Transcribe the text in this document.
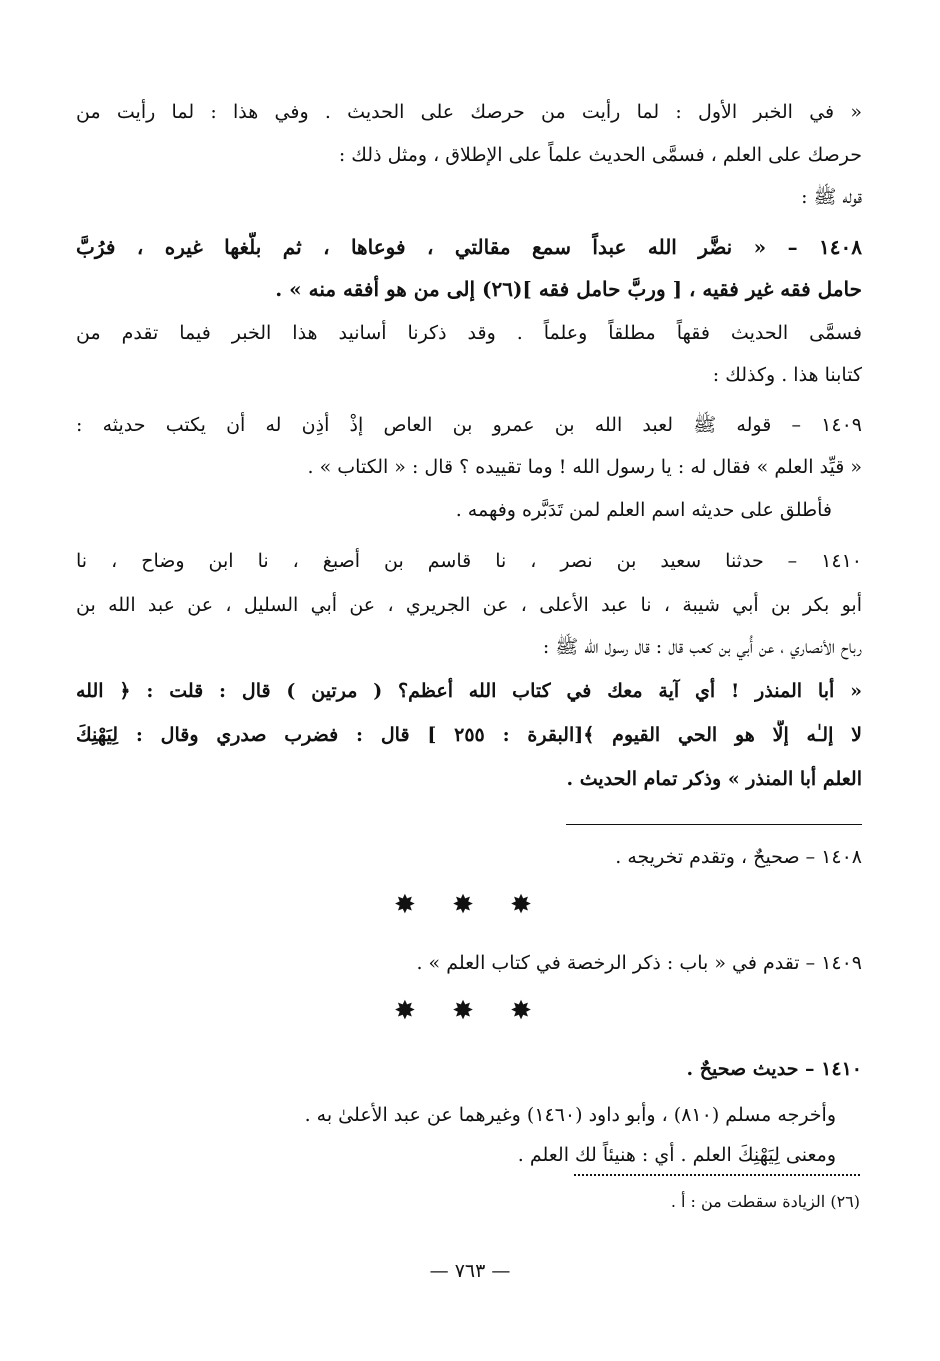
« في الخبر الأول : لما رأيت من حرصك على الحديث . وفي هذا : لما رأيت من
حرصك على العلم ، فسمَّى الحديث علماً على الإطلاق ، ومثل ذلك :
قوله ﷺ :
١٤٠٨ – « نضَّر الله عبداً سمع مقالتي ، فوعاها ، ثم بلَّغها غيره ، فرُبَّ
حامل فقه غير فقيه ، [ وربَّ حامل فقه ](٢٦) إلى من هو أفقه منه » .
فسمَّى الحديث فقهاً مطلقاً وعلماً . وقد ذكرنا أسانيد هذا الخبر فيما تقدم من
كتابنا هذا . وكذلك :
١٤٠٩ – قوله ﷺ لعبد الله بن عمرو بن العاص إذْ أذِن له أن يكتب حديثه :
« قيِّد العلم » فقال له : يا رسول الله ! وما تقييده ؟ قال : « الكتاب » .
فأطلق على حديثه اسم العلم لمن تَدَبَّره وفهمه .
١٤١٠ – حدثنا سعيد بن نصر ، نا قاسم بن أصبغ ، نا ابن وضاح ، نا
أبو بكر بن أبي شيبة ، نا عبد الأعلى ، عن الجريري ، عن أبي السليل ، عن عبد الله بن
رباح الأنصاري ، عن أُبي بن كعب قال : قال رسول الله ﷺ :
« أبا المنذر ! أي آية معك في كتاب الله أعظم؟ ( مرتين ) قال : قلت : ﴿ الله
لا إلـٰه إلَّا هو الحي القيوم ﴾[البقرة : ٢٥٥ ] قال : فضرب صدري وقال : لِيَهْنِكَ
العلم أبا المنذر » وذكر تمام الحديث .
١٤٠٨ – صحيحٌ ، وتقدم تخريجه .
✸ ✸ ✸
١٤٠٩ – تقدم في « باب : ذكر الرخصة في كتاب العلم » .
✸ ✸ ✸
١٤١٠ – حديث صحيحٌ .
وأخرجه مسلم (٨١٠) ، وأبو داود (١٤٦٠) وغيرهما عن عبد الأعلىٰ به .
ومعنى لِيَهْنِكَ العلم . أي : هنيئاً لك العلم .
(٢٦) الزيادة سقطت من : أ .
— ٧٦٣ —
